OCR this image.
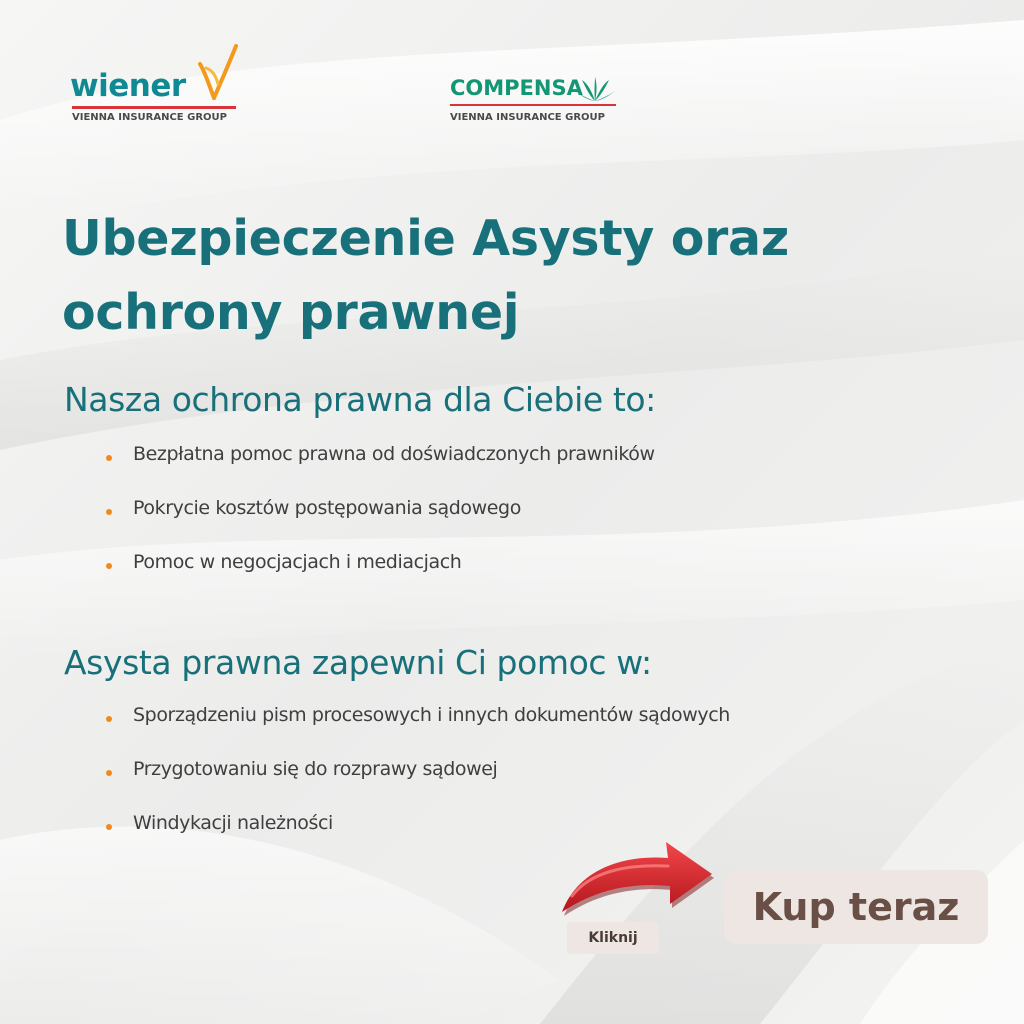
wiener
VIENNA INSURANCE GROUP
COMPENSA
VIENNA INSURANCE GROUP
Ubezpieczenie Asysty oraz ochrony prawnej
Nasza ochrona prawna dla Ciebie to:
Bezpłatna pomoc prawna od doświadczonych prawników
Pokrycie kosztów postępowania sądowego
Pomoc w negocjacjach i mediacjach
Asysta prawna zapewni Ci pomoc w:
Sporządzeniu pism procesowych i innych dokumentów sądowych
Przygotowaniu się do rozprawy sądowej
Windykacji należności
Kliknij
Kup teraz
